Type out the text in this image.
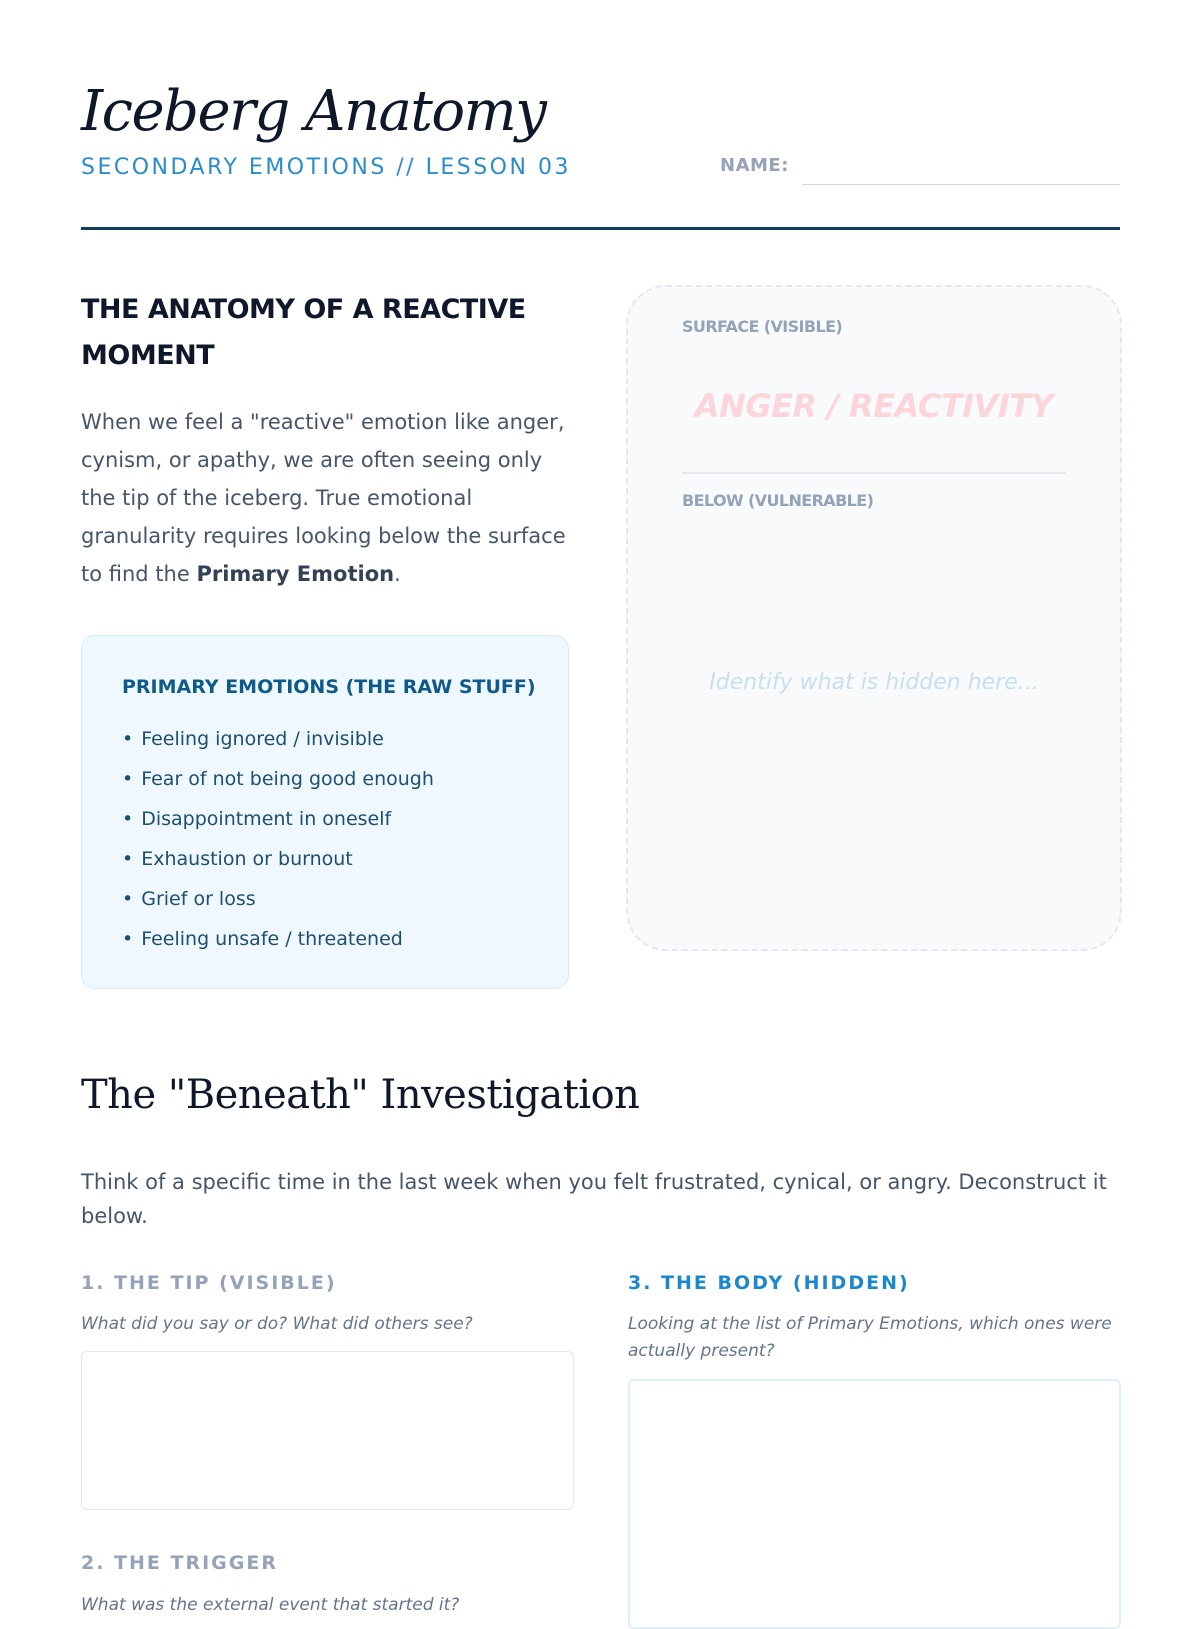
Iceberg Anatomy
SECONDARY EMOTIONS // LESSON 03	NAME:
THE ANATOMY OF A REACTIVE MOMENT

When we feel a "reactive" emotion like anger, cynism, or apathy, we are often seeing only the tip of the iceberg. True emotional granularity requires looking below the surface to find the Primary Emotion.

PRIMARY EMOTIONS (THE RAW STUFF)
• Feeling ignored / invisible
• Fear of not being good enough
• Disappointment in oneself
• Exhaustion or burnout
• Grief or loss
• Feeling unsafe / threatened
SURFACE (VISIBLE)
ANGER / REACTIVITY
BELOW (VULNERABLE)
Identify what is hidden here...
The "Beneath" Investigation

Think of a specific time in the last week when you felt frustrated, cynical, or angry. Deconstruct it below.

1. THE TIP (VISIBLE)

What did you say or do? What did others see?

2. THE TRIGGER

What was the external event that started it?

3. THE BODY (HIDDEN)

Looking at the list of Primary Emotions, which ones were actually present?
